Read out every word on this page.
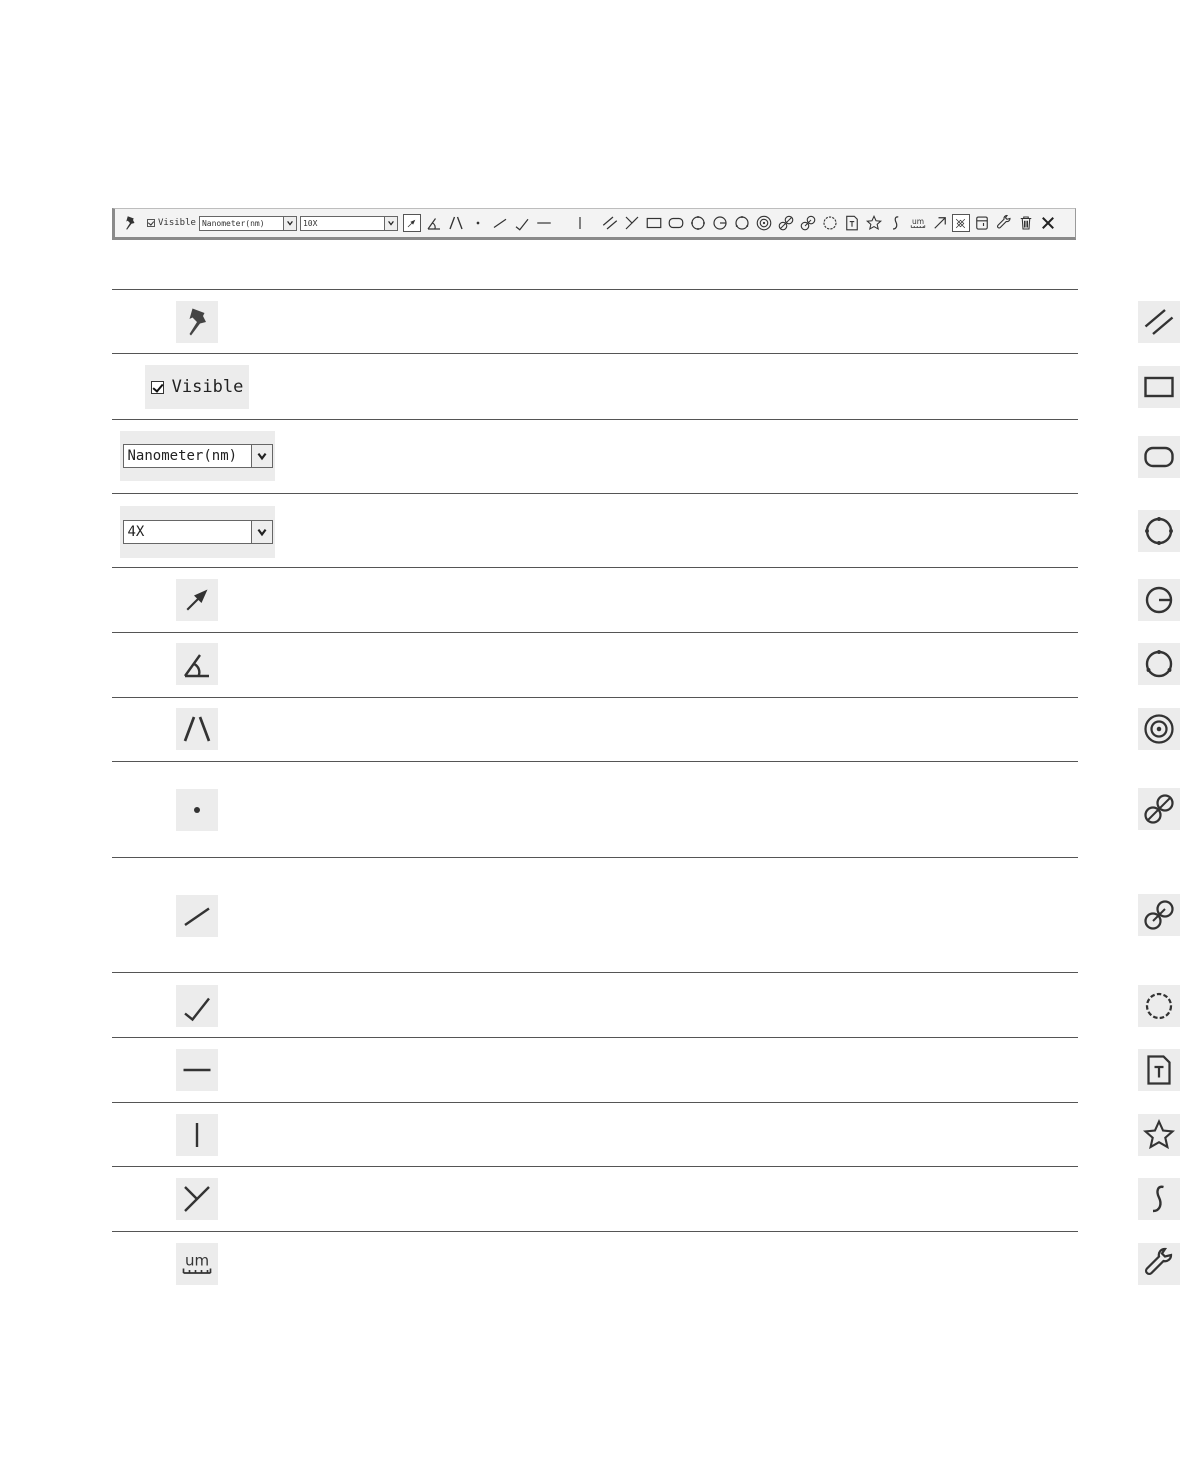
Visible Nanometer(nm)	10X	um
Visible
Nanometer(nm)
4X
um
